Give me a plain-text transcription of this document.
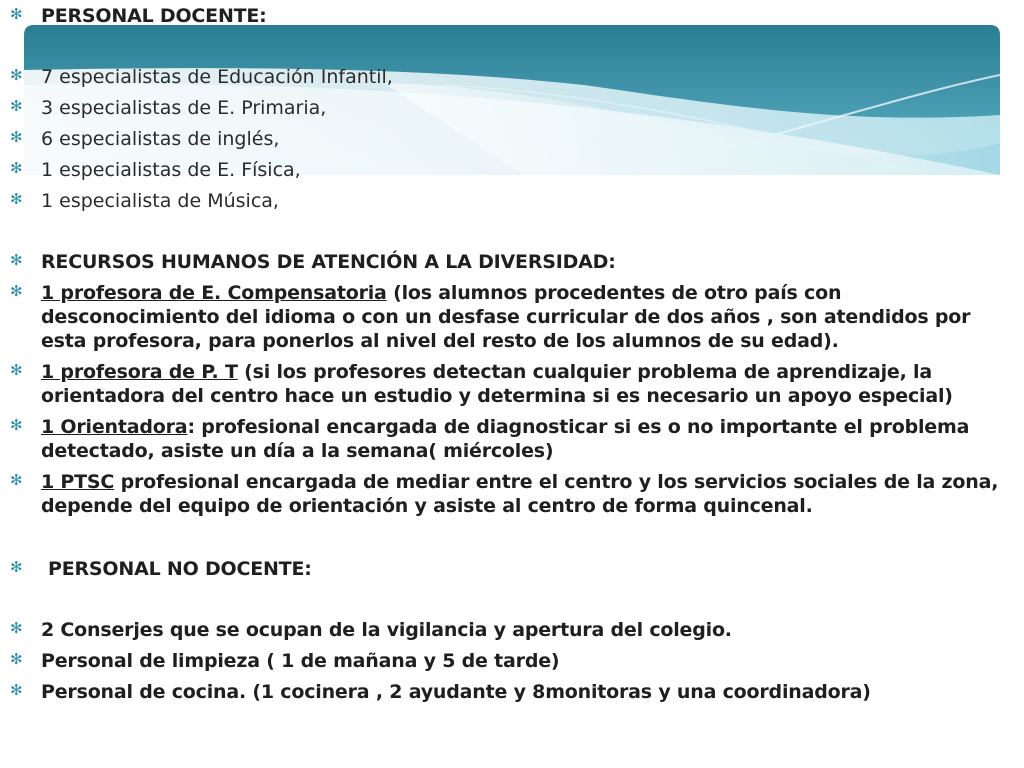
✻ PERSONAL DOCENTE:
✻ 7 especialistas de Educación Infantil,
✻ 3 especialistas de E. Primaria,
✻ 6 especialistas de inglés,
✻ 1 especialistas de E. Física,
✻ 1 especialista de Música,
✻ RECURSOS HUMANOS DE ATENCIÓN A LA DIVERSIDAD:
✻ 1 profesora de E. Compensatoria (los alumnos procedentes de otro país con desconocimiento del idioma o con un desfase curricular de dos años , son atendidos por esta profesora, para ponerlos al nivel del resto de los alumnos de su edad).
✻ 1 profesora de P. T (si los profesores detectan cualquier problema de aprendizaje, la orientadora del centro hace un estudio y determina si es necesario un apoyo especial)
✻ 1 Orientadora: profesional encargada de diagnosticar si es o no importante el problema detectado, asiste un día a la semana( miércoles)
✻ 1 PTSC profesional encargada de mediar entre el centro y los servicios sociales de la zona, depende del equipo de orientación y asiste al centro de forma quincenal.
✻	PERSONAL NO DOCENTE:
✻ 2 Conserjes que se ocupan de la vigilancia y apertura del colegio.
✻ Personal de limpieza ( 1 de mañana y 5 de tarde)
✻ Personal de cocina. (1 cocinera , 2 ayudante y 8monitoras y una coordinadora)
